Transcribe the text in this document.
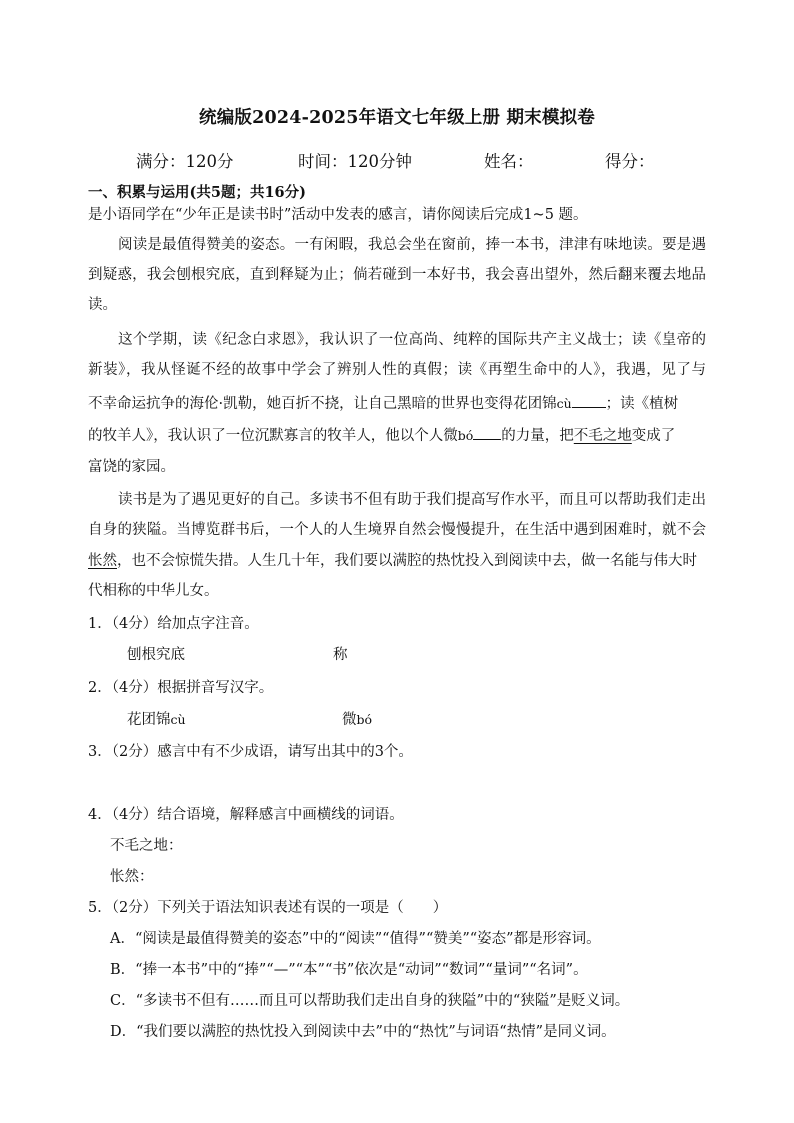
统编版2024-2025年语文七年级上册 期末模拟卷
满分：120分	时间：120分钟	姓名：	得分：
一、积累与运用(共5题；共16分)
是小语同学在“少年正是读书时”活动中发表的感言，请你阅读后完成1~5 题。
阅读是最值得赞美的姿态。一有闲暇，我总会坐在窗前，捧一本书，津津有味地读。要是遇
到疑惑，我会刨根究底，直到释疑为止；倘若碰到一本好书，我会喜出望外，然后翻来覆去地品
读。
这个学期，读《纪念白求恩》，我认识了一位高尚、纯粹的国际共产主义战士；读《皇帝的
新装》，我从怪诞不经的故事中学会了辨别人性的真假；读《再塑生命中的人》，我遇，见了与
不幸命运抗争的海伦·凯勒，她百折不挠，让自己黑暗的世界也变得花团锦cù ；读《植树
的牧羊人》，我认识了一位沉默寡言的牧羊人，他以个人微bó 的力量，把不毛之地变成了
富饶的家园。
读书是为了遇见更好的自己。多读书不但有助于我们提高写作水平，而且可以帮助我们走出
自身的狭隘。当博览群书后，一个人的人生境界自然会慢慢提升，在生活中遇到困难时，就不会
怅然，也不会惊慌失措。人生几十年，我们要以满腔的热忱投入到阅读中去，做一名能与伟大时
代相称的中华儿女。
1．（4分）给加点字注音。
刨根究底	称
2．（4分）根据拼音写汉字。
花团锦cù	微bó
3．（2分）感言中有不少成语，请写出其中的3个。
4．（4分）结合语境，解释感言中画横线的词语。
不毛之地：
怅然：
5．（2分）下列关于语法知识表述有误的一项是（　　）
A．“阅读是最值得赞美的姿态”中的“阅读”“值得”“赞美”“姿态”都是形容词。
B．“捧一本书”中的“捧”“—”“本”“书”依次是“动词”“数词”“量词”“名词”。
C．“多读书不但有……而且可以帮助我们走出自身的狭隘”中的“狭隘”是贬义词。
D．“我们要以满腔的热忱投入到阅读中去”中的“热忱”与词语“热情”是同义词。
